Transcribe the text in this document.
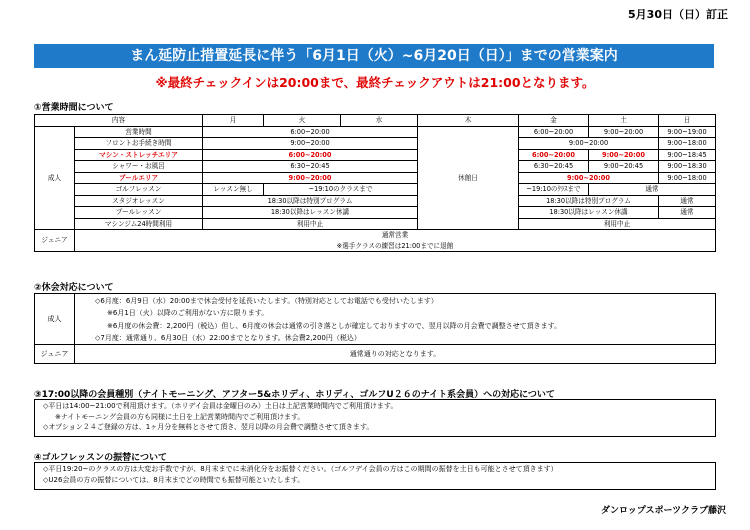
5月30日（日）訂正
まん延防止措置延長に伴う「6月1日（火）~6月20日（日）」までの営業案内
※最終チェックインは20:00まで、最終チェックアウトは21:00となります。
①営業時間について
内容		月	火	水	木	金	土	日
成人	営業時間	6:00~20:00			休館日	6:00~20:00	9:00~20:00	9:00~19:00
	フロントお手続き時間	9:00~20:00				9:00~20:00		9:00~18:00
	マシン・ストレッチエリア	6:00~20:00				6:00~20:00	9:00~20:00	9:00~18:45
	シャワー・お風呂	6:30~20:45				6:30~20:45	9:00~20:45	9:00~18:30
	プールエリア	9:00~20:00				9:00~20:00		9:00~18:00
	ゴルフレッスン	レッスン無し	~19:10のクラスまで			~19:10のｸﾗｽまで	通常	
	スタジオレッスン	18:30以降は特別プログラム				18:30以降は特別プログラム		通常
	プールレッスン	18:30以降はレッスン休講				18:30以降はレッスン休講		通常
	マシンジム24時間利用	利用中止				利用中止		
ジュニア	通常営業							
	※選手クラスの練習は21:00までに退館							
②休会対応について
成人	◇6月度：6月9日（水）20:00まで休会受付を延長いたします。（特別対応としてお電話でも受付いたします）
※6月1日（火）以降のご利用がない方に限ります。
※6月度の休会費：2,200円（税込）但し、6月度の休会は通常の引き落としが確定しておりますので、翌月以降の月会費で調整させて頂きます。
◇7月度：通常通り、6月30日（水）22:00までとなります。休会費2,200円（税込）

ジュニア	通常通りの対応となります。
③17:00以降の会員種別（ナイトモーニング、アフター5&ホリディ、ホリディ、ゴルフU２６のナイト系会員）への対応について
◇平日は14:00~21:00で利用頂けます。（ホリデイ会員は金曜日のみ）土日は上記営業時間内でご利用頂けます。
※ナイトモーニング会員の方も同様に土日を上記営業時間内でご利用頂けます。
◇オプション２４ご登録の方は、1ヶ月分を無料とさせて頂き、翌月以降の月会費で調整させて頂きます。
④ゴルフレッスンの振替について
◇平日19:20~のクラスの方は大変お手数ですが、8月末までに未消化分をお振替ください。（ゴルフデイ会員の方はこの期間の振替を土日も可能とさせて頂きます）
◇U26会員の方の振替については、8月末までどの時間でも振替可能といたします。
ダンロップスポーツクラブ藤沢
